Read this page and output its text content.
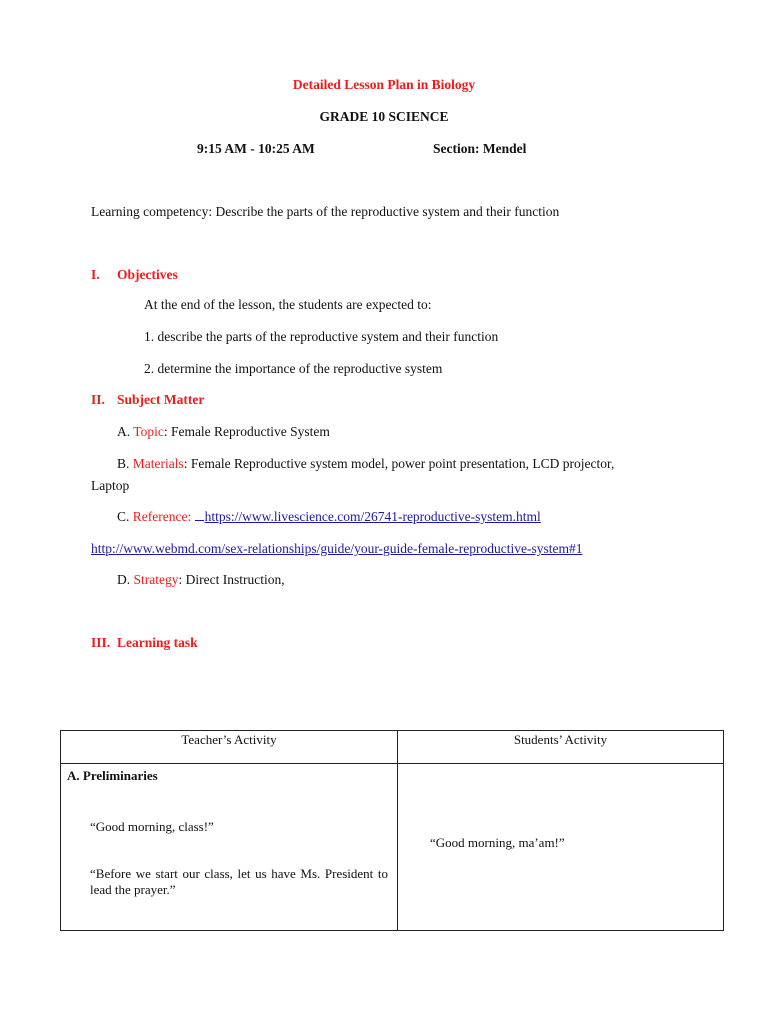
Detailed Lesson Plan in Biology
GRADE 10 SCIENCE
9:15 AM - 10:25 AM	Section: Mendel
Learning competency: Describe the parts of the reproductive system and their function
I. Objectives
At the end of the lesson, the students are expected to:
1. describe the parts of the reproductive system and their function
2. determine the importance of the reproductive system
II. Subject Matter
A. Topic: Female Reproductive System
B. Materials: Female Reproductive system model, power point presentation, LCD projector,
Laptop
C. Reference: https://www.livescience.com/26741-reproductive-system.html
http://www.webmd.com/sex-relationships/guide/your-guide-female-reproductive-system#1
D. Strategy: Direct Instruction,
III. Learning task
Teacher’s Activity	Students’ Activity

A. Preliminaries
“Good morning, class!”
“Before we start our class, let us have Ms. President to lead the prayer.”	“Good morning, ma’am!”
